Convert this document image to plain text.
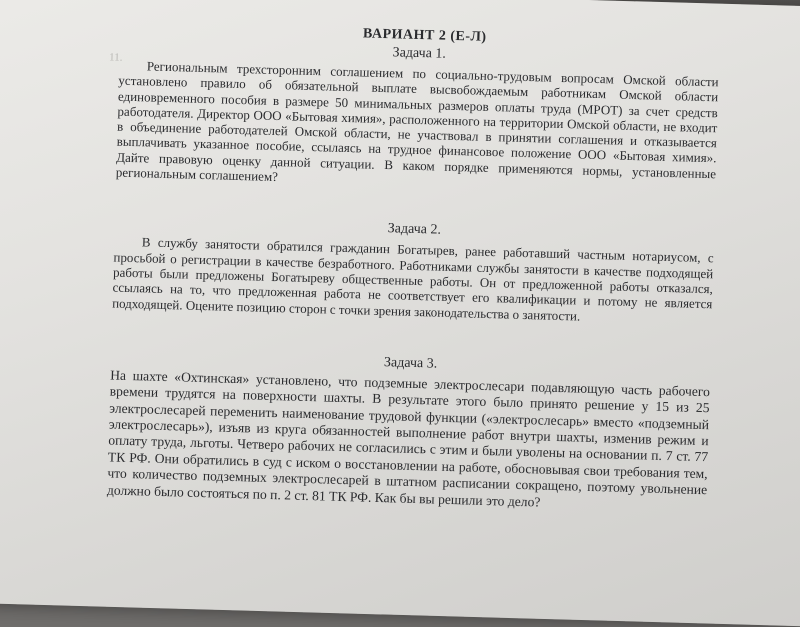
11.
ВАРИАНТ 2 (Е-Л)
Задача 1.

Региональным трехсторонним соглашением по социально-трудовым вопросам Омской области установлено правило об обязательной выплате высвобождаемым работникам Омской области единовременного пособия в размере 50 минимальных размеров оплаты труда (МРОТ) за счет средств работодателя. Директор ООО «Бытовая химия», расположенного на территории Омской области, не входит в объединение работодателей Омской области, не участвовал в принятии соглашения и отказывается выплачивать указанное пособие, ссылаясь на трудное финансовое положение ООО «Бытовая химия». Дайте правовую оценку данной ситуации. В каком порядке применяются нормы, установленные региональным соглашением?

Задача 2.

В службу занятости обратился гражданин Богатырев, ранее работавший частным нотариусом, с просьбой о регистрации в качестве безработного. Работниками службы занятости в качестве подходящей работы были предложены Богатыреву общественные работы. Он от предложенной работы отказался, ссылаясь на то, что предложенная работа не соответствует его квалификации и потому не является подходящей. Оцените позицию сторон с точки зрения законодательства о занятости.

Задача 3.

На шахте «Охтинская» установлено, что подземные электрослесари подавляющую часть рабочего времени трудятся на поверхности шахты. В результате этого было принято решение у 15 из 25 электрослесарей переменить наименование трудовой функции («электрослесарь» вместо «подземный электрослесарь»), изъяв из круга обязанностей выполнение работ внутри шахты, изменив режим и оплату труда, льготы. Четверо рабочих не согласились с этим и были уволены на основании п. 7 ст. 77 ТК РФ. Они обратились в суд с иском о восстановлении на работе, обосновывая свои требования тем, что количество подземных электрослесарей в штатном расписании сокращено, поэтому увольнение должно было состояться по п. 2 ст. 81 ТК РФ. Как бы вы решили это дело?
